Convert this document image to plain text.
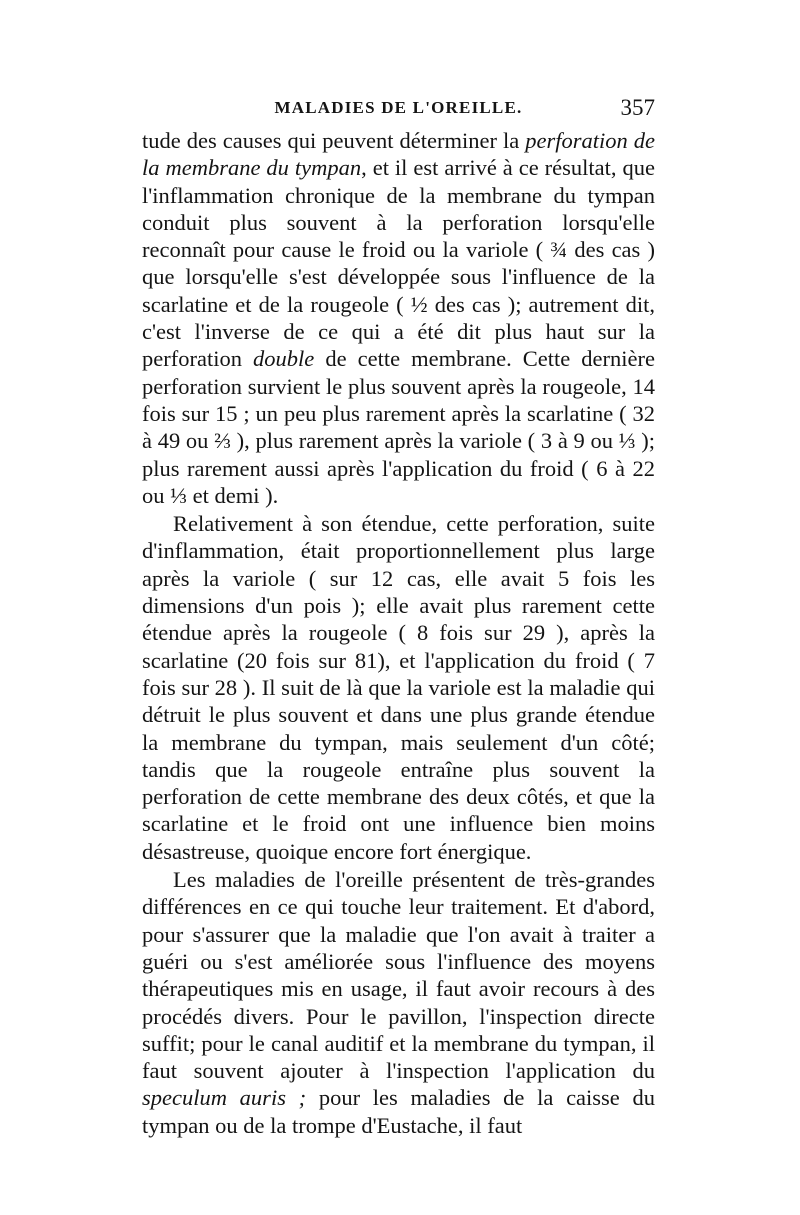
MALADIES DE L'OREILLE.	357

tude des causes qui peuvent déterminer la perforation de la membrane du tympan, et il est arrivé à ce résultat, que l'inflammation chronique de la membrane du tympan conduit plus souvent à la perforation lorsqu'elle reconnaît pour cause le froid ou la variole ( ¾ des cas ) que lorsqu'elle s'est développée sous l'influence de la scarlatine et de la rougeole ( ½ des cas ); autrement dit, c'est l'inverse de ce qui a été dit plus haut sur la perforation double de cette membrane. Cette dernière perforation survient le plus souvent après la rougeole, 14 fois sur 15 ; un peu plus rarement après la scarlatine ( 32 à 49 ou ⅔ ), plus rarement après la variole ( 3 à 9 ou ⅓ ); plus rarement aussi après l'application du froid ( 6 à 22 ou ⅓ et demi ).

Relativement à son étendue, cette perforation, suite d'inflammation, était proportionnellement plus large après la variole ( sur 12 cas, elle avait 5 fois les dimensions d'un pois ); elle avait plus rarement cette étendue après la rougeole ( 8 fois sur 29 ), après la scarlatine (20 fois sur 81), et l'application du froid ( 7 fois sur 28 ). Il suit de là que la variole est la maladie qui détruit le plus souvent et dans une plus grande étendue la membrane du tympan, mais seulement d'un côté; tandis que la rougeole entraîne plus souvent la perforation de cette membrane des deux côtés, et que la scarlatine et le froid ont une influence bien moins désastreuse, quoique encore fort énergique.

Les maladies de l'oreille présentent de très-grandes différences en ce qui touche leur traitement. Et d'abord, pour s'assurer que la maladie que l'on avait à traiter a guéri ou s'est améliorée sous l'influence des moyens thérapeutiques mis en usage, il faut avoir recours à des procédés divers. Pour le pavillon, l'inspection directe suffit; pour le canal auditif et la membrane du tympan, il faut souvent ajouter à l'inspection l'application du speculum auris ; pour les maladies de la caisse du tympan ou de la trompe d'Eustache, il faut
